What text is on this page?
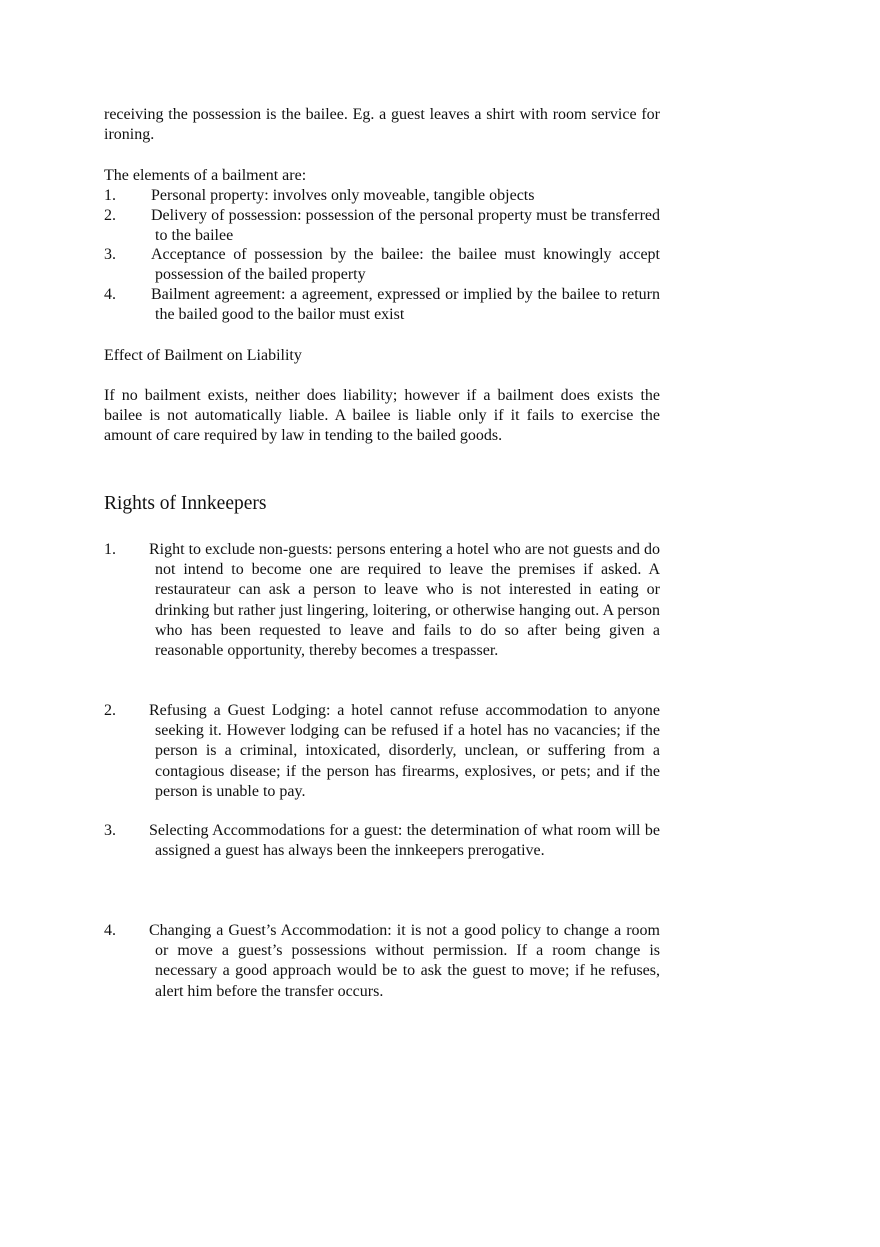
receiving the possession is the bailee. Eg. a guest leaves a shirt with room service for ironing.

The elements of a bailment are:

1. Personal property: involves only moveable, tangible objects
2. Delivery of possession: possession of the personal property must be transferred to the bailee
3. Acceptance of possession by the bailee: the bailee must knowingly accept possession of the bailed property
4. Bailment agreement: a agreement, expressed or implied by the bailee to return the bailed good to the bailor must exist

Effect of Bailment on Liability

If no bailment exists, neither does liability; however if a bailment does exists the bailee is not automatically liable. A bailee is liable only if it fails to exercise the amount of care required by law in tending to the bailed goods.

Rights of Innkeepers
1. Right to exclude non-guests: persons entering a hotel who are not guests and do not intend to become one are required to leave the premises if asked. A restaurateur can ask a person to leave who is not interested in eating or drinking but rather just lingering, loitering, or otherwise hanging out. A person who has been requested to leave and fails to do so after being given a reasonable opportunity, thereby becomes a trespasser.
2. Refusing a Guest Lodging: a hotel cannot refuse accommodation to anyone seeking it. However lodging can be refused if a hotel has no vacancies; if the person is a criminal, intoxicated, disorderly, unclean, or suffering from a contagious disease; if the person has firearms, explosives, or pets; and if the person is unable to pay.
3. Selecting Accommodations for a guest: the determination of what room will be assigned a guest has always been the innkeepers prerogative.
4. Changing a Guest’s Accommodation: it is not a good policy to change a room or move a guest’s possessions without permission. If a room change is necessary a good approach would be to ask the guest to move; if he refuses, alert him before the transfer occurs.
